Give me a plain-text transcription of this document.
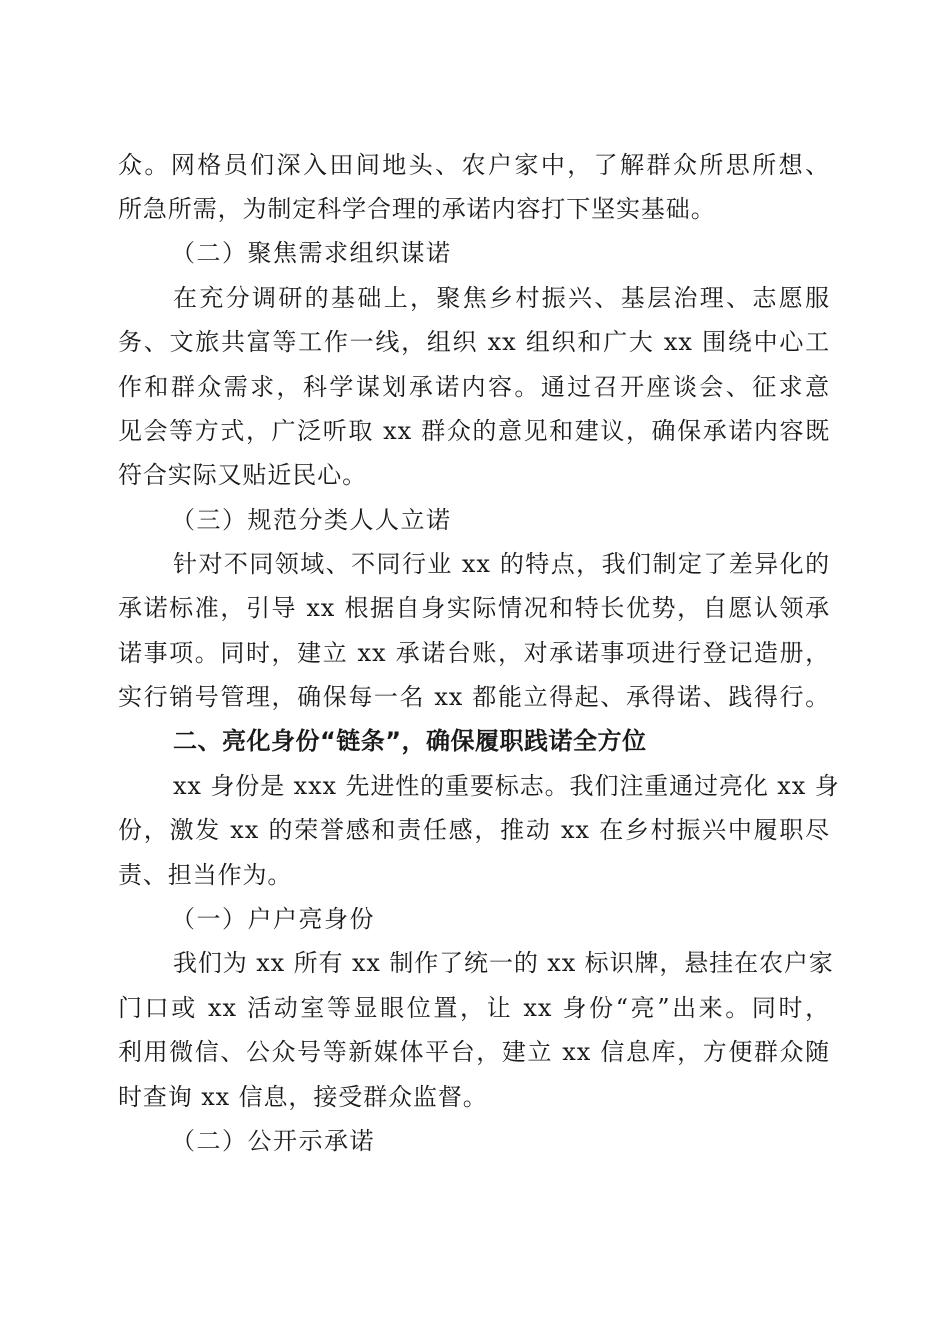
众。网格员们深入田间地头、农户家中，了解群众所思所想、
所急所需，为制定科学合理的承诺内容打下坚实基础。
（二）聚焦需求组织谋诺
在充分调研的基础上，聚焦乡村振兴、基层治理、志愿服
务、文旅共富等工作一线，组织 xx 组织和广大 xx 围绕中心工
作和群众需求，科学谋划承诺内容。通过召开座谈会、征求意
见会等方式，广泛听取 xx 群众的意见和建议，确保承诺内容既
符合实际又贴近民心。
（三）规范分类人人立诺
针对不同领域、不同行业 xx 的特点，我们制定了差异化的
承诺标准，引导 xx 根据自身实际情况和特长优势，自愿认领承
诺事项。同时，建立 xx 承诺台账，对承诺事项进行登记造册，
实行销号管理，确保每一名 xx 都能立得起、承得诺、践得行。
二、亮化身份“链条”，确保履职践诺全方位
xx 身份是 xxx 先进性的重要标志。我们注重通过亮化 xx 身
份，激发 xx 的荣誉感和责任感，推动 xx 在乡村振兴中履职尽
责、担当作为。
（一）户户亮身份
我们为 xx 所有 xx 制作了统一的 xx 标识牌，悬挂在农户家
门口或 xx 活动室等显眼位置，让 xx 身份“亮”出来。同时，
利用微信、公众号等新媒体平台，建立 xx 信息库，方便群众随
时查询 xx 信息，接受群众监督。
（二）公开示承诺
